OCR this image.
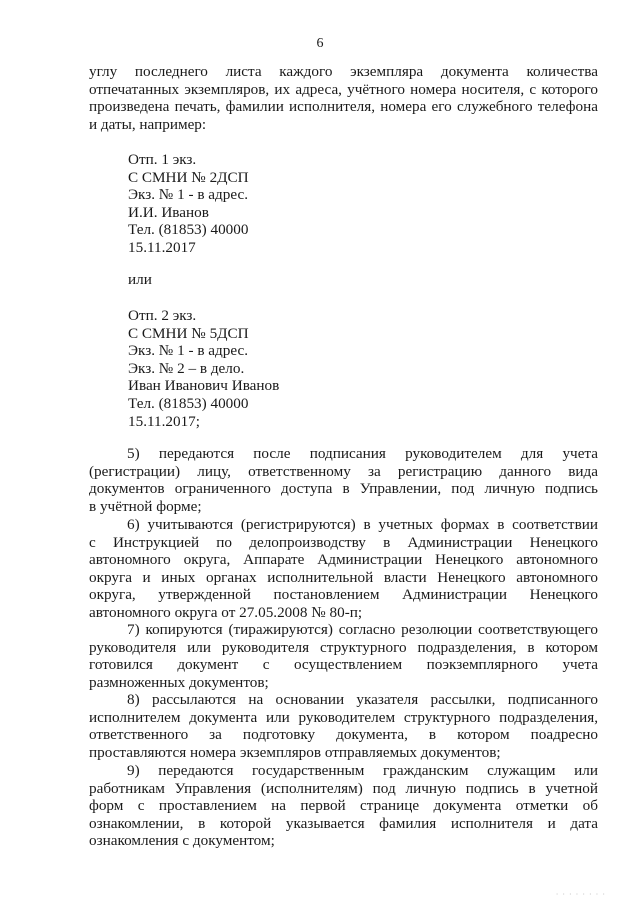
6
углу последнего листа каждого экземпляра документа количества
отпечатанных экземпляров, их адреса, учётного номера носителя, с которого
произведена печать, фамилии исполнителя, номера его служебного телефона
и даты, например:
Отп. 1 экз.
С СМНИ № 2ДСП
Экз. № 1 - в адрес.
И.И. Иванов
Тел. (81853) 40000
15.11.2017
или
Отп. 2 экз.
С СМНИ № 5ДСП
Экз. № 1 - в адрес.
Экз. № 2 – в дело.
Иван Иванович Иванов
Тел. (81853) 40000
15.11.2017;
5) передаются после подписания руководителем для учета
(регистрации) лицу, ответственному за регистрацию данного вида
документов ограниченного доступа в Управлении, под личную подпись
в учётной форме;
6) учитываются (регистрируются) в учетных формах в соответствии
с Инструкцией по делопроизводству в Администрации Ненецкого
автономного округа, Аппарате Администрации Ненецкого автономного
округа и иных органах исполнительной власти Ненецкого автономного
округа, утвержденной постановлением Администрации Ненецкого
автономного округа от 27.05.2008 № 80-п;
7) копируются (тиражируются) согласно резолюции соответствующего
руководителя или руководителя структурного подразделения, в котором
готовился документ с осуществлением поэкземплярного учета
размноженных документов;
8) рассылаются на основании указателя рассылки, подписанного
исполнителем документа или руководителем структурного подразделения,
ответственного за подготовку документа, в котором поадресно
проставляются номера экземпляров отправляемых документов;
9) передаются государственным гражданским служащим или
работникам Управления (исполнителям) под личную подпись в учетной
форм с проставлением на первой странице документа отметки об
ознакомлении, в которой указывается фамилия исполнителя и дата
ознакомления с документом;
· · · · · · · ·
